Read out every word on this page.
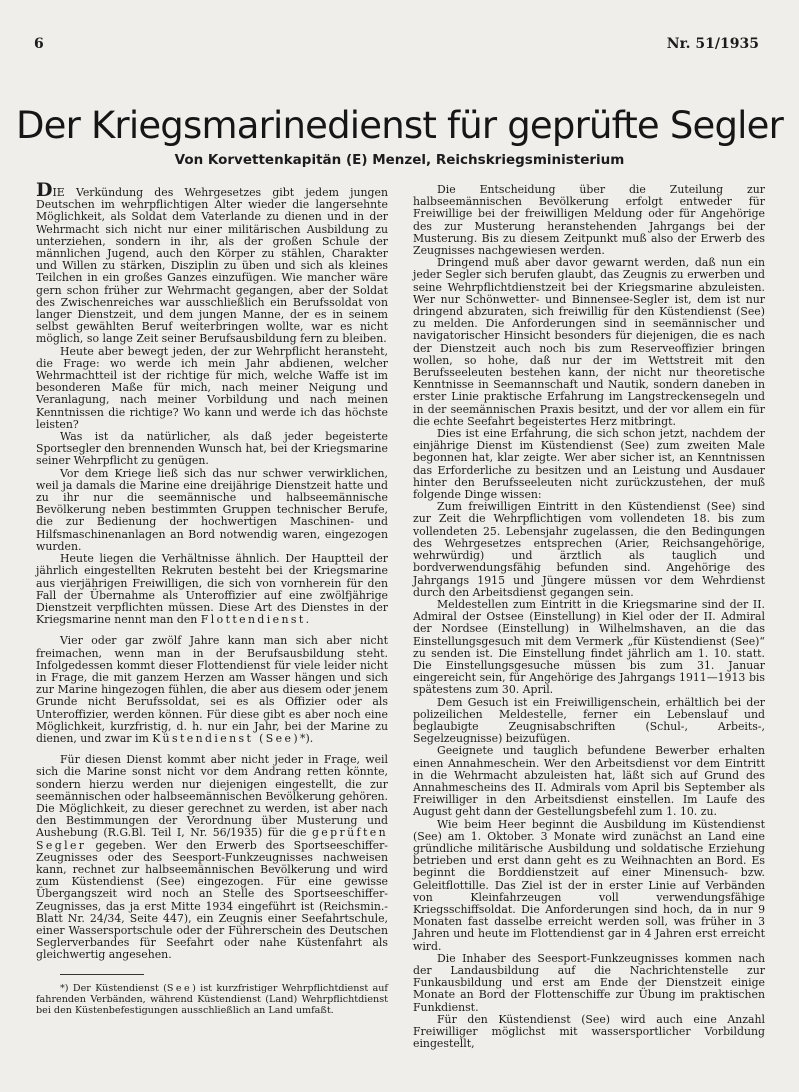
6	Nr. 51/1935
Der Kriegsmarinedienst für geprüfte Segler
Von Korvettenkapitän (E) Menzel, Reichskriegsministerium

DIE Verkündung des Wehrgesetzes gibt jedem jungen Deutschen im wehrpflichtigen Alter wieder die langersehnte Möglichkeit, als Soldat dem Vaterlande zu dienen und in der Wehrmacht sich nicht nur einer militärischen Ausbildung zu unterziehen, sondern in ihr, als der großen Schule der männlichen Jugend, auch den Körper zu stählen, Charakter und Willen zu stärken, Disziplin zu üben und sich als kleines Teilchen in ein großes Ganzes einzufügen. Wie mancher wäre gern schon früher zur Wehrmacht gegangen, aber der Soldat des Zwischenreiches war ausschließlich ein Berufssoldat von langer Dienstzeit, und dem jungen Manne, der es in seinem selbst gewählten Beruf weiterbringen wollte, war es nicht möglich, so lange Zeit seiner Berufsausbildung fern zu bleiben.

Heute aber bewegt jeden, der zur Wehrpflicht heransteht, die Frage: wo werde ich mein Jahr abdienen, welcher Wehrmachtteil ist der richtige für mich, welche Waffe ist im besonderen Maße für mich, nach meiner Neigung und Veranlagung, nach meiner Vorbildung und nach meinen Kenntnissen die richtige? Wo kann und werde ich das höchste leisten?

Was ist da natürlicher, als daß jeder begeisterte Sportsegler den brennenden Wunsch hat, bei der Kriegsmarine seiner Wehrpflicht zu genügen.

Vor dem Kriege ließ sich das nur schwer verwirklichen, weil ja damals die Marine eine dreijährige Dienstzeit hatte und zu ihr nur die seemännische und halbseemännische Bevölkerung neben bestimmten Gruppen technischer Berufe, die zur Bedienung der hochwertigen Maschinen- und Hilfsmaschinenanlagen an Bord notwendig waren, eingezogen wurden.

Heute liegen die Verhältnisse ähnlich. Der Hauptteil der jährlich eingestellten Rekruten besteht bei der Kriegsmarine aus vierjährigen Freiwilligen, die sich von vornherein für den Fall der Übernahme als Unteroffizier auf eine zwölfjährige Dienstzeit verpflichten müssen. Diese Art des Dienstes in der Kriegsmarine nennt man den Flottendienst.

Vier oder gar zwölf Jahre kann man sich aber nicht freimachen, wenn man in der Berufsausbildung steht. Infolgedessen kommt dieser Flottendienst für viele leider nicht in Frage, die mit ganzem Herzen am Wasser hängen und sich zur Marine hingezogen fühlen, die aber aus diesem oder jenem Grunde nicht Berufssoldat, sei es als Offizier oder als Unteroffizier, werden können. Für diese gibt es aber noch eine Möglichkeit, kurzfristig, d. h. nur ein Jahr, bei der Marine zu dienen, und zwar im Küstendienst (See)*).

Für diesen Dienst kommt aber nicht jeder in Frage, weil sich die Marine sonst nicht vor dem Andrang retten könnte, sondern hierzu werden nur diejenigen eingestellt, die zur seemännischen oder halbseemännischen Bevölkerung gehören. Die Möglichkeit, zu dieser gerechnet zu werden, ist aber nach den Bestimmungen der Verordnung über Musterung und Aushebung (R.G.Bl. Teil I, Nr. 56/1935) für die geprüften Segler gegeben. Wer den Erwerb des Sportseeschiffer-Zeugnisses oder des Seesport-Funkzeugnisses nachweisen kann, rechnet zur halbseemännischen Bevölkerung und wird zum Küstendienst (See) eingezogen. Für eine gewisse Übergangszeit wird noch an Stelle des Sportseeschiffer-Zeugnisses, das ja erst Mitte 1934 eingeführt ist (Reichsmin.-Blatt Nr. 24/34, Seite 447), ein Zeugnis einer Seefahrtschule, einer Wassersportschule oder der Führerschein des Deutschen Seglerverbandes für Seefahrt oder nahe Küstenfahrt als gleichwertig angesehen.

*) Der Küstendienst (See) ist kurzfristiger Wehrpflichtdienst auf fahrenden Verbänden, während Küstendienst (Land) Wehrpflichtdienst bei den Küstenbefestigungen ausschließlich an Land umfaßt.

Die Entscheidung über die Zuteilung zur halbseemännischen Bevölkerung erfolgt entweder für Freiwillige bei der freiwilligen Meldung oder für Angehörige des zur Musterung heranstehenden Jahrgangs bei der Musterung. Bis zu diesem Zeitpunkt muß also der Erwerb des Zeugnisses nachgewiesen werden.

Dringend muß aber davor gewarnt werden, daß nun ein jeder Segler sich berufen glaubt, das Zeugnis zu erwerben und seine Wehrpflichtdienstzeit bei der Kriegsmarine abzuleisten. Wer nur Schönwetter- und Binnensee-Segler ist, dem ist nur dringend abzuraten, sich freiwillig für den Küstendienst (See) zu melden. Die Anforderungen sind in seemännischer und navigatorischer Hinsicht besonders für diejenigen, die es nach der Dienstzeit auch noch bis zum Reserveoffizier bringen wollen, so hohe, daß nur der im Wettstreit mit den Berufsseeleuten bestehen kann, der nicht nur theoretische Kenntnisse in Seemannschaft und Nautik, sondern daneben in erster Linie praktische Erfahrung im Langstreckensegeln und in der seemännischen Praxis besitzt, und der vor allem ein für die echte Seefahrt begeistertes Herz mitbringt.

Dies ist eine Erfahrung, die sich schon jetzt, nachdem der einjährige Dienst im Küstendienst (See) zum zweiten Male begonnen hat, klar zeigte. Wer aber sicher ist, an Kenntnissen das Erforderliche zu besitzen und an Leistung und Ausdauer hinter den Berufsseeleuten nicht zurückzustehen, der muß folgende Dinge wissen:

Zum freiwilligen Eintritt in den Küstendienst (See) sind zur Zeit die Wehrpflichtigen vom vollendeten 18. bis zum vollendeten 25. Lebensjahr zugelassen, die den Bedingungen des Wehrgesetzes entsprechen (Arier, Reichsangehörige, wehrwürdig) und ärztlich als tauglich und bordverwendungsfähig befunden sind. Angehörige des Jahrgangs 1915 und Jüngere müssen vor dem Wehrdienst durch den Arbeitsdienst gegangen sein.

Meldestellen zum Eintritt in die Kriegsmarine sind der II. Admiral der Ostsee (Einstellung) in Kiel oder der II. Admiral der Nordsee (Einstellung) in Wilhelmshaven, an die das Einstellungsgesuch mit dem Vermerk „für Küstendienst (See)“ zu senden ist. Die Einstellung findet jährlich am 1. 10. statt. Die Einstellungsgesuche müssen bis zum 31. Januar eingereicht sein, für Angehörige des Jahrgangs 1911—1913 bis spätestens zum 30. April.

Dem Gesuch ist ein Freiwilligenschein, erhältlich bei der polizeilichen Meldestelle, ferner ein Lebenslauf und beglaubigte Zeugnisabschriften (Schul-, Arbeits-, Segelzeugnisse) beizufügen.

Geeignete und tauglich befundene Bewerber erhalten einen Annahmeschein. Wer den Arbeitsdienst vor dem Eintritt in die Wehrmacht abzuleisten hat, läßt sich auf Grund des Annahmescheins des II. Admirals vom April bis September als Freiwilliger in den Arbeitsdienst einstellen. Im Laufe des August geht dann der Gestellungsbefehl zum 1. 10. zu.

Wie beim Heer beginnt die Ausbildung im Küstendienst (See) am 1. Oktober. 3 Monate wird zunächst an Land eine gründliche militärische Ausbildung und soldatische Erziehung betrieben und erst dann geht es zu Weihnachten an Bord. Es beginnt die Borddienstzeit auf einer Minensuch- bzw. Geleitflottille. Das Ziel ist der in erster Linie auf Verbänden von Kleinfahrzeugen voll verwendungsfähige Kriegsschiffsoldat. Die Anforderungen sind hoch, da in nur 9 Monaten fast dasselbe erreicht werden soll, was früher in 3 Jahren und heute im Flottendienst gar in 4 Jahren erst erreicht wird.

Die Inhaber des Seesport-Funkzeugnisses kommen nach der Landausbildung auf die Nachrichtenstelle zur Funkausbildung und erst am Ende der Dienstzeit einige Monate an Bord der Flottenschiffe zur Übung im praktischen Funkdienst.

Für den Küstendienst (See) wird auch eine Anzahl Freiwilliger möglichst mit wassersportlicher Vorbildung eingestellt,
